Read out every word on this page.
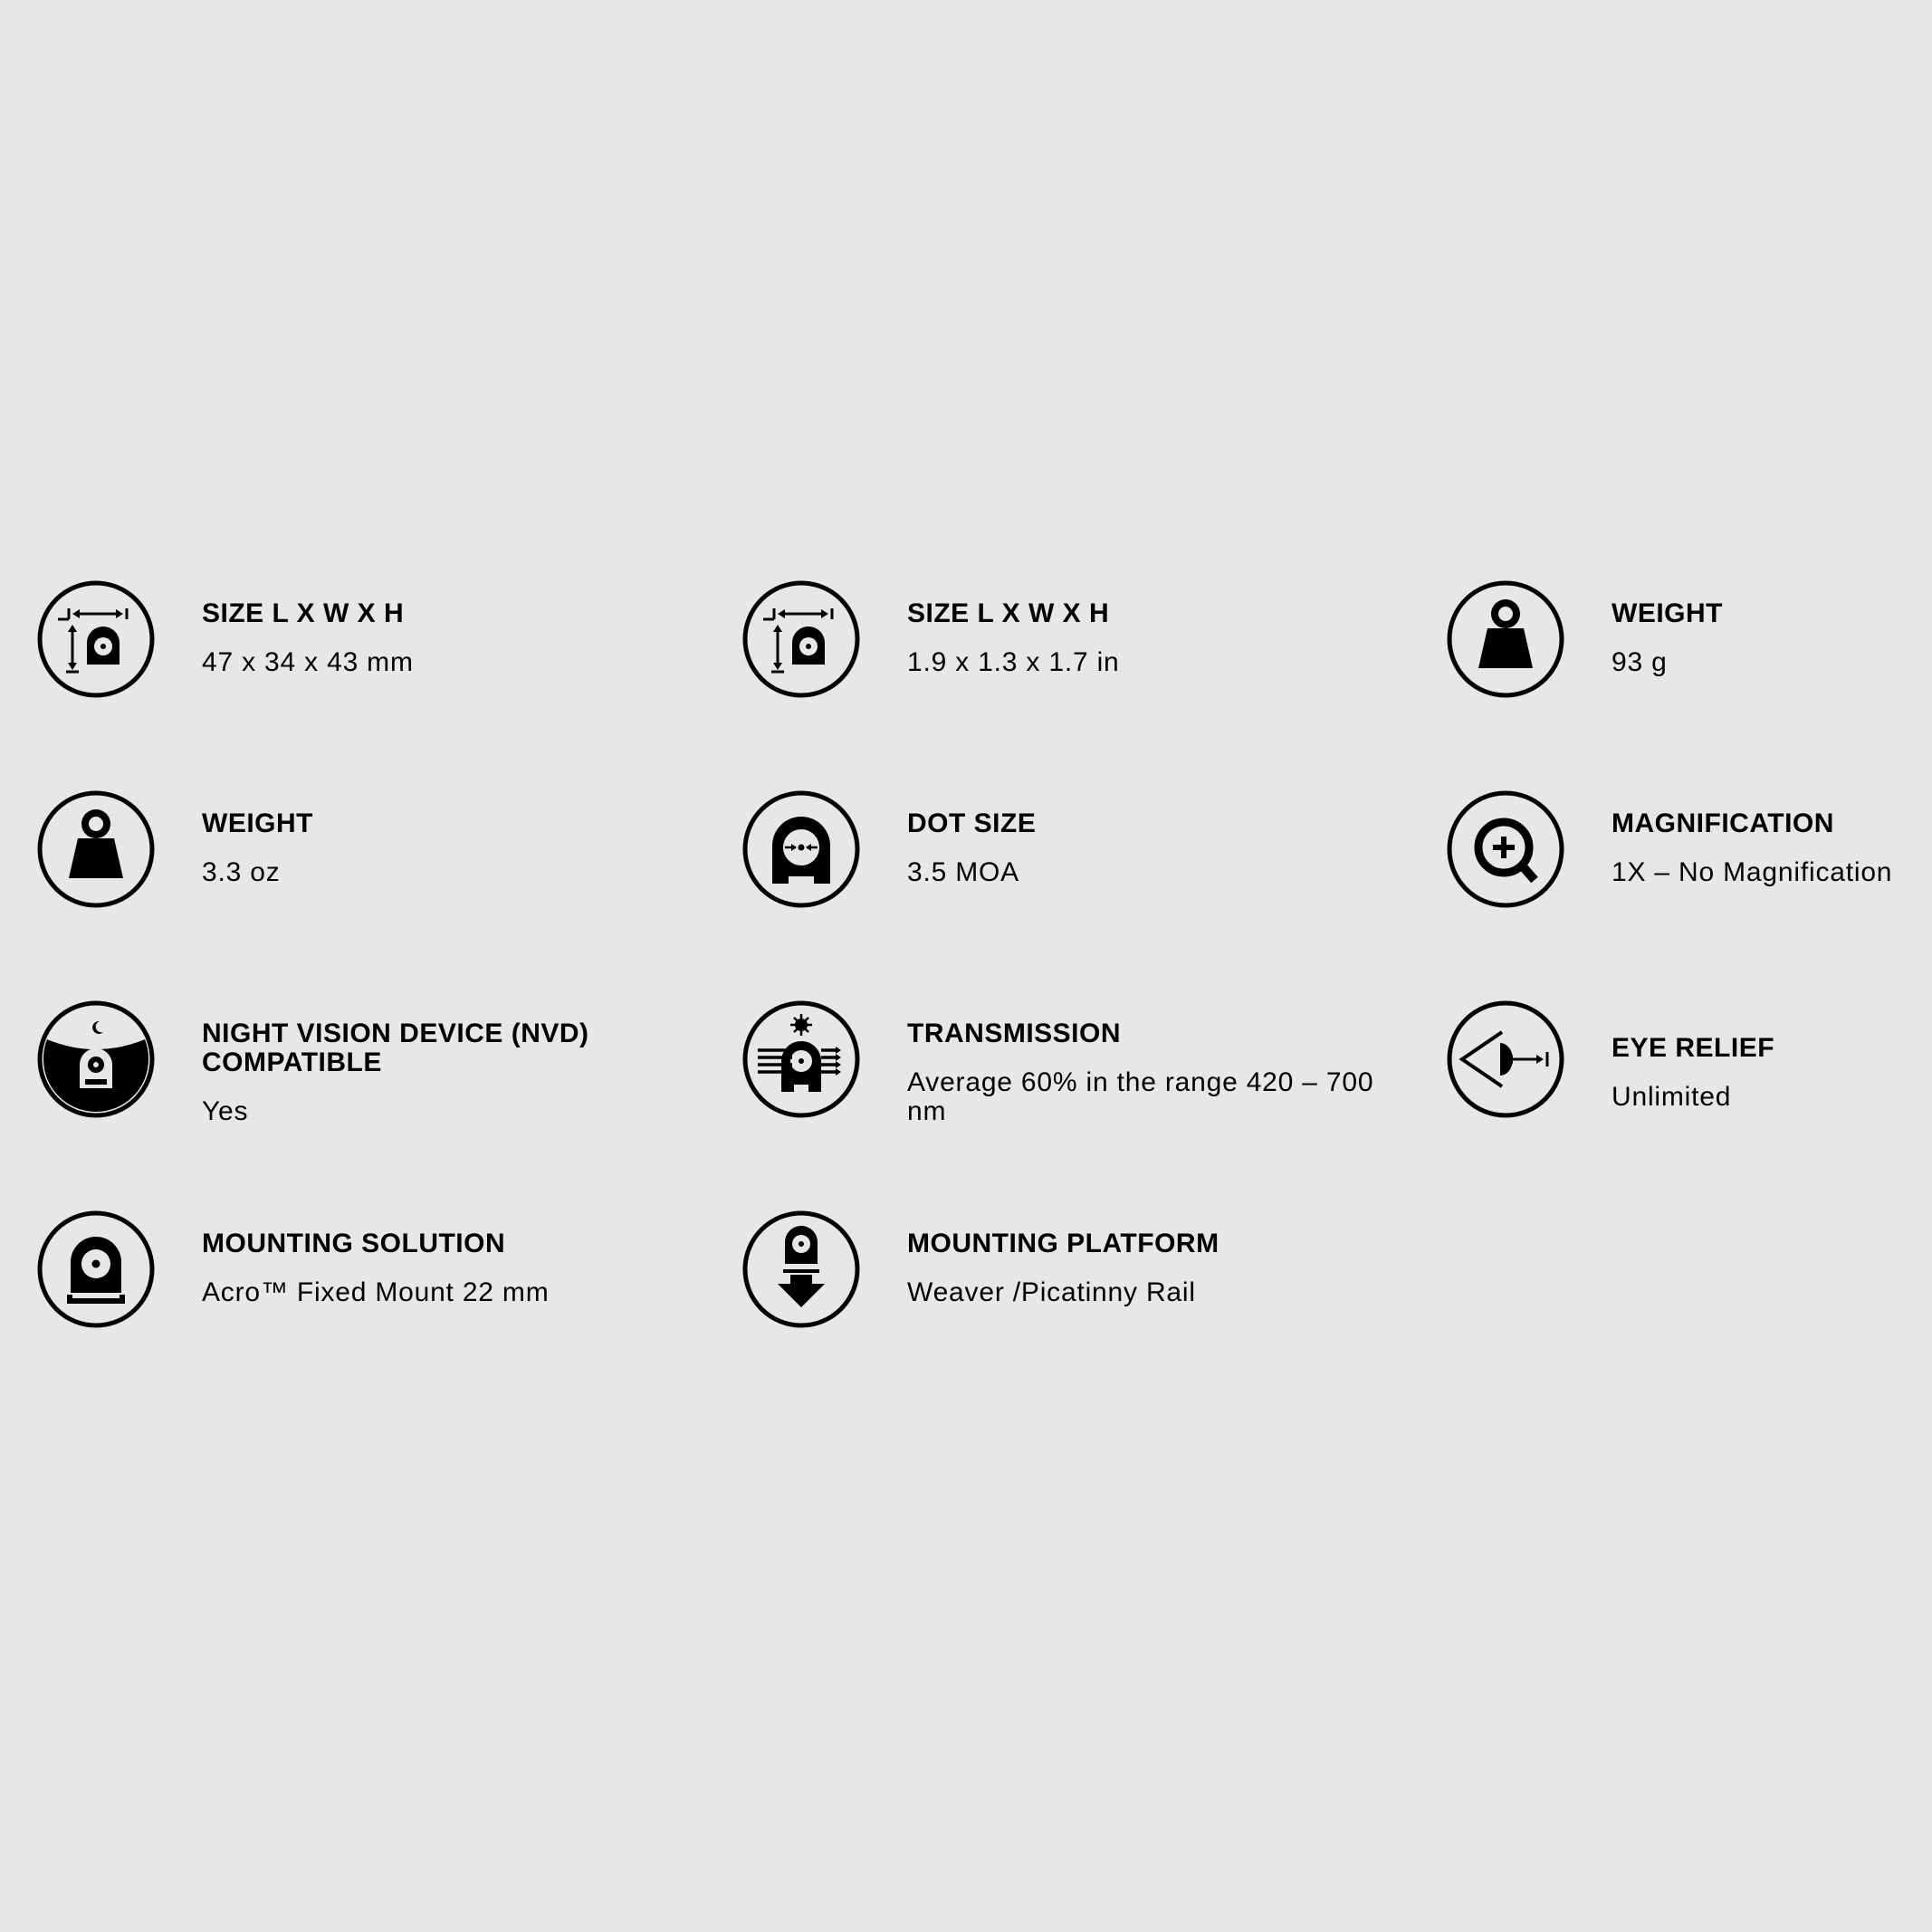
SIZE L X W X H
47 x 34 x 43 mm
SIZE L X W X H
1.9 x 1.3 x 1.7 in
WEIGHT
93 g
WEIGHT
3.3 oz
DOT SIZE
3.5 MOA
MAGNIFICATION
1X – No Magnification
NIGHT VISION DEVICE (NVD) COMPATIBLE
Yes
TRANSMISSION
Average 60% in the range 420 – 700 nm
EYE RELIEF
Unlimited
MOUNTING SOLUTION
Acro™ Fixed Mount 22 mm
MOUNTING PLATFORM
Weaver /Picatinny Rail
